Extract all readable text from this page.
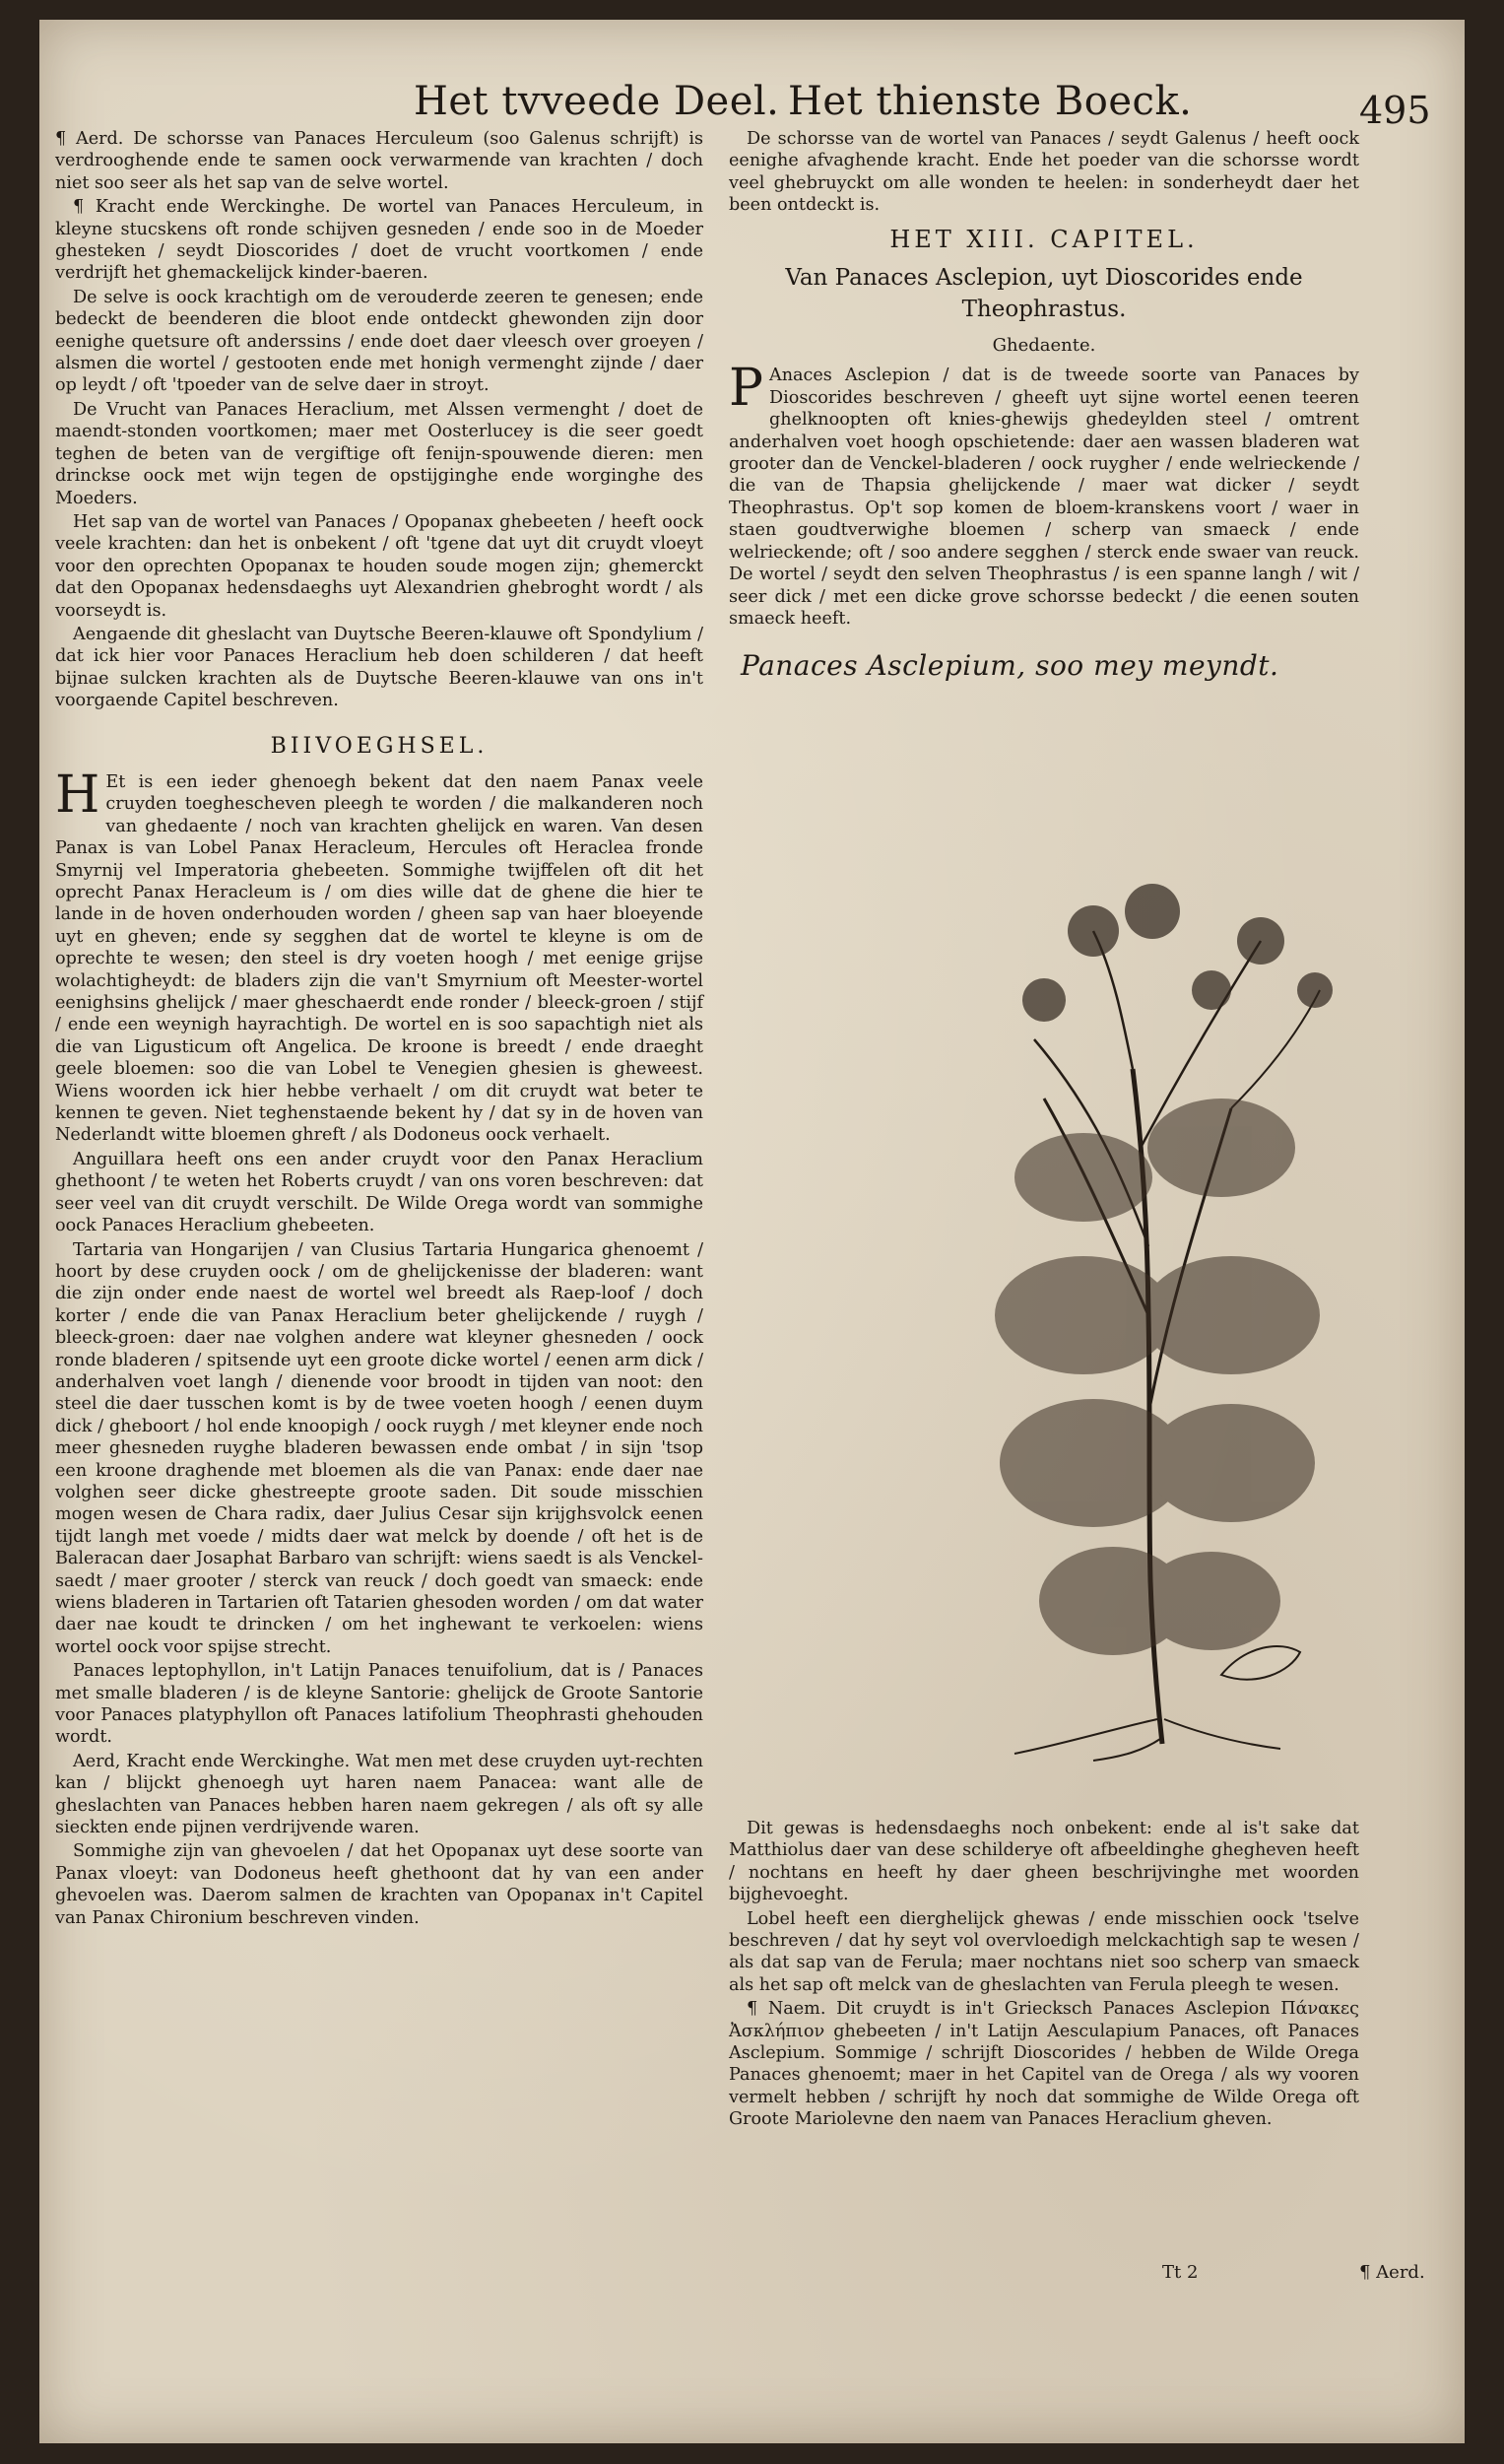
Het tvveede Deel. Het thienste Boeck.	495

¶ Aerd. De schorsse van Panaces Herculeum (soo Galenus schrijft) is verdrooghende ende te samen oock verwarmende van krachten / doch niet soo seer als het sap van de selve wortel.

¶ Kracht ende Werckinghe. De wortel van Panaces Herculeum, in kleyne stucskens oft ronde schijven gesneden / ende soo in de Moeder ghesteken / seydt Dioscorides / doet de vrucht voortkomen / ende verdrijft het ghemackelijck kinder-baeren.

De selve is oock krachtigh om de verouderde zeeren te genesen; ende bedeckt de beenderen die bloot ende ontdeckt ghewonden zijn door eenighe quetsure oft anderssins / ende doet daer vleesch over groeyen / alsmen die wortel / gestooten ende met honigh vermenght zijnde / daer op leydt / oft 'tpoeder van de selve daer in stroyt.

De Vrucht van Panaces Heraclium, met Alssen vermenght / doet de maendt-stonden voortkomen; maer met Oosterlucey is die seer goedt teghen de beten van de vergiftige oft fenijn-spouwende dieren: men drinckse oock met wijn tegen de opstijginghe ende worginghe des Moeders.

Het sap van de wortel van Panaces / Opopanax ghebeeten / heeft oock veele krachten: dan het is onbekent / oft 'tgene dat uyt dit cruydt vloeyt voor den oprechten Opopanax te houden soude mogen zijn; ghemerckt dat den Opopanax hedensdaeghs uyt Alexandrien ghebroght wordt / als voorseydt is.

Aengaende dit gheslacht van Duytsche Beeren-klauwe oft Spondylium / dat ick hier voor Panaces Heraclium heb doen schilderen / dat heeft bijnae sulcken krachten als de Duytsche Beeren-klauwe van ons in't voorgaende Capitel beschreven.

BIIVOEGHSEL.

H Et is een ieder ghenoegh bekent dat den naem Panax veele cruyden toeghescheven pleegh te worden / die malkanderen noch van ghedaente / noch van krachten ghelijck en waren. Van desen Panax is van Lobel Panax Heracleum, Hercules oft Heraclea fronde Smyrnij vel Imperatoria ghebeeten. Sommighe twijffelen oft dit het oprecht Panax Heracleum is / om dies wille dat de ghene die hier te lande in de hoven onderhouden worden / gheen sap van haer bloeyende uyt en gheven; ende sy segghen dat de wortel te kleyne is om de oprechte te wesen; den steel is dry voeten hoogh / met eenige grijse wolachtigheydt: de bladers zijn die van't Smyrnium oft Meester-wortel eenighsins ghelijck / maer gheschaerdt ende ronder / bleeck-groen / stijf / ende een weynigh hayrachtigh. De wortel en is soo sapachtigh niet als die van Ligusticum oft Angelica. De kroone is breedt / ende draeght geele bloemen: soo die van Lobel te Venegien ghesien is gheweest. Wiens woorden ick hier hebbe verhaelt / om dit cruydt wat beter te kennen te geven. Niet teghenstaende bekent hy / dat sy in de hoven van Nederlandt witte bloemen ghreft / als Dodoneus oock verhaelt.

Anguillara heeft ons een ander cruydt voor den Panax Heraclium ghethoont / te weten het Roberts cruydt / van ons voren beschreven: dat seer veel van dit cruydt verschilt. De Wilde Orega wordt van sommighe oock Panaces Heraclium ghebeeten.

Tartaria van Hongarijen / van Clusius Tartaria Hungarica ghenoemt / hoort by dese cruyden oock / om de ghelijckenisse der bladeren: want die zijn onder ende naest de wortel wel breedt als Raep-loof / doch korter / ende die van Panax Heraclium beter ghelijckende / ruygh / bleeck-groen: daer nae volghen andere wat kleyner ghesneden / oock ronde bladeren / spitsende uyt een groote dicke wortel / eenen arm dick / anderhalven voet langh / dienende voor broodt in tijden van noot: den steel die daer tusschen komt is by de twee voeten hoogh / eenen duym dick / gheboort / hol ende knoopigh / oock ruygh / met kleyner ende noch meer ghesneden ruyghe bladeren bewassen ende ombat / in sijn 'tsop een kroone draghende met bloemen als die van Panax: ende daer nae volghen seer dicke ghestreepte groote saden. Dit soude misschien mogen wesen de Chara radix, daer Julius Cesar sijn krijghsvolck eenen tijdt langh met voede / midts daer wat melck by doende / oft het is de Baleracan daer Josaphat Barbaro van schrijft: wiens saedt is als Venckel-saedt / maer grooter / sterck van reuck / doch goedt van smaeck: ende wiens bladeren in Tartarien oft Tatarien ghesoden worden / om dat water daer nae koudt te drincken / om het inghewant te verkoelen: wiens wortel oock voor spijse strecht.

Panaces leptophyllon, in't Latijn Panaces tenuifolium, dat is / Panaces met smalle bladeren / is de kleyne Santorie: ghelijck de Groote Santorie voor Panaces platyphyllon oft Panaces latifolium Theophrasti ghehouden wordt.

Aerd, Kracht ende Werckinghe. Wat men met dese cruyden uyt-rechten kan / blijckt ghenoegh uyt haren naem Panacea: want alle de gheslachten van Panaces hebben haren naem gekregen / als oft sy alle sieckten ende pijnen verdrijvende waren.

Sommighe zijn van ghevoelen / dat het Opopanax uyt dese soorte van Panax vloeyt: van Dodoneus heeft ghethoont dat hy van een ander ghevoelen was. Daerom salmen de krachten van Opopanax in't Capitel van Panax Chironium beschreven vinden.

De schorsse van de wortel van Panaces / seydt Galenus / heeft oock eenighe afvaghende kracht. Ende het poeder van die schorsse wordt veel ghebruyckt om alle wonden te heelen: in sonderheydt daer het been ontdeckt is.

HET XIII. CAPITEL.
Van Panaces Asclepion, uyt Dioscorides ende Theophrastus.
Ghedaente.

P Anaces Asclepion / dat is de tweede soorte van Panaces by Dioscorides beschreven / gheeft uyt sijne wortel eenen teeren ghelknoopten oft knies-ghewijs ghedeylden steel / omtrent anderhalven voet hoogh opschietende: daer aen wassen bladeren wat grooter dan de Venckel-bladeren / oock ruygher / ende welrieckende / die van de Thapsia ghelijckende / maer wat dicker / seydt Theophrastus. Op't sop komen de bloem-kranskens voort / waer in staen goudtverwighe bloemen / scherp van smaeck / ende welrieckende; oft / soo andere segghen / sterck ende swaer van reuck. De wortel / seydt den selven Theophrastus / is een spanne langh / wit / seer dick / met een dicke grove schorsse bedeckt / die eenen souten smaeck heeft.

Panaces Asclepium, soo mey meyndt.

Dit gewas is hedensdaeghs noch onbekent: ende al is't sake dat Matthiolus daer van dese schilderye oft afbeeldinghe ghegheven heeft / nochtans en heeft hy daer gheen beschrijvinghe met woorden bijghevoeght.

Lobel heeft een dierghelijck ghewas / ende misschien oock 'tselve beschreven / dat hy seyt vol overvloedigh melckachtigh sap te wesen / als dat sap van de Ferula; maer nochtans niet soo scherp van smaeck als het sap oft melck van de gheslachten van Ferula pleegh te wesen.

¶ Naem. Dit cruydt is in't Griecksch Panaces Asclepion Πάνακες Ἀσκλήπιον ghebeeten / in't Latijn Aesculapium Panaces, oft Panaces Asclepium. Sommige / schrijft Dioscorides / hebben de Wilde Orega Panaces ghenoemt; maer in het Capitel van de Orega / als wy vooren vermelt hebben / schrijft hy noch dat sommighe de Wilde Orega oft Groote Mariolevne den naem van Panaces Heraclium gheven.

Tt 2	¶ Aerd.
